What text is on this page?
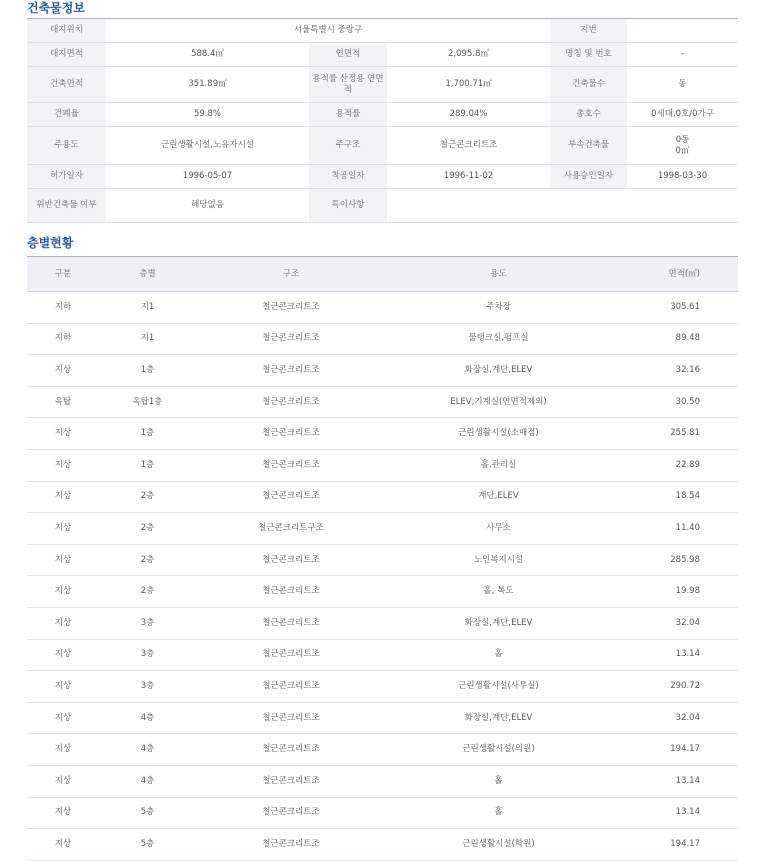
건축물정보
대지위치	서울특별시 중랑구			지번	
대지면적	588.4㎡	연면적	2,095.8㎡	명칭 및 번호	-
건축면적	351.89㎡	용적률 산정용 연면적	1,700.71㎡	건축물수	동
건폐율	59.8%	용적률	289.04%	총호수	0세대,0호/0가구
주용도	근린생활시설,노유자시설	주구조	철근콘크리트조	부속건축물	0동
0㎡

허가일자	1996-05-07	착공일자	1996-11-02	사용승인일자	1998-03-30
위반건축물 여부	해당없음	특이사항			
층별현황
구분	층별	구조	용도	면적(㎡)
지하	지1	철근콘크리트조	주차장	305.61
지하	지1	철근콘크리트조	물탱크실,펌프실	89.48
지상	1층	철근콘크리트조	화장실,계단,ELEV	32.16
옥탑	옥탑1층	철근콘크리트조	ELEV,기계실(연면적제외)	30.50
지상	1층	철근콘크리트조	근린생활시설(소매점)	255.81
지상	1층	철근콘크리트조	홀,관리실	22.89
지상	2층	철근콘크리트조	계단,ELEV	18.54
지상	2층	철근콘크리트구조	사무소	11.40
지상	2층	철근콘크리트조	노인복지시설	285.98
지상	2층	철근콘크리트조	홀, 복도	19.98
지상	3층	철근콘크리트조	화장실,계단,ELEV	32.04
지상	3층	철근콘크리트조	홀	13.14
지상	3층	철근콘크리트조	근린생활시설(사무실)	290.72
지상	4층	철근콘크리트조	화장실,계단,ELEV	32.04
지상	4층	철근콘크리트조	근린생활시설(의원)	194.17
지상	4층	철근콘크리트조	홀	13.14
지상	5층	철근콘크리트조	홀	13.14
지상	5층	철근콘크리트조	근린생활시설(학원)	194.17
